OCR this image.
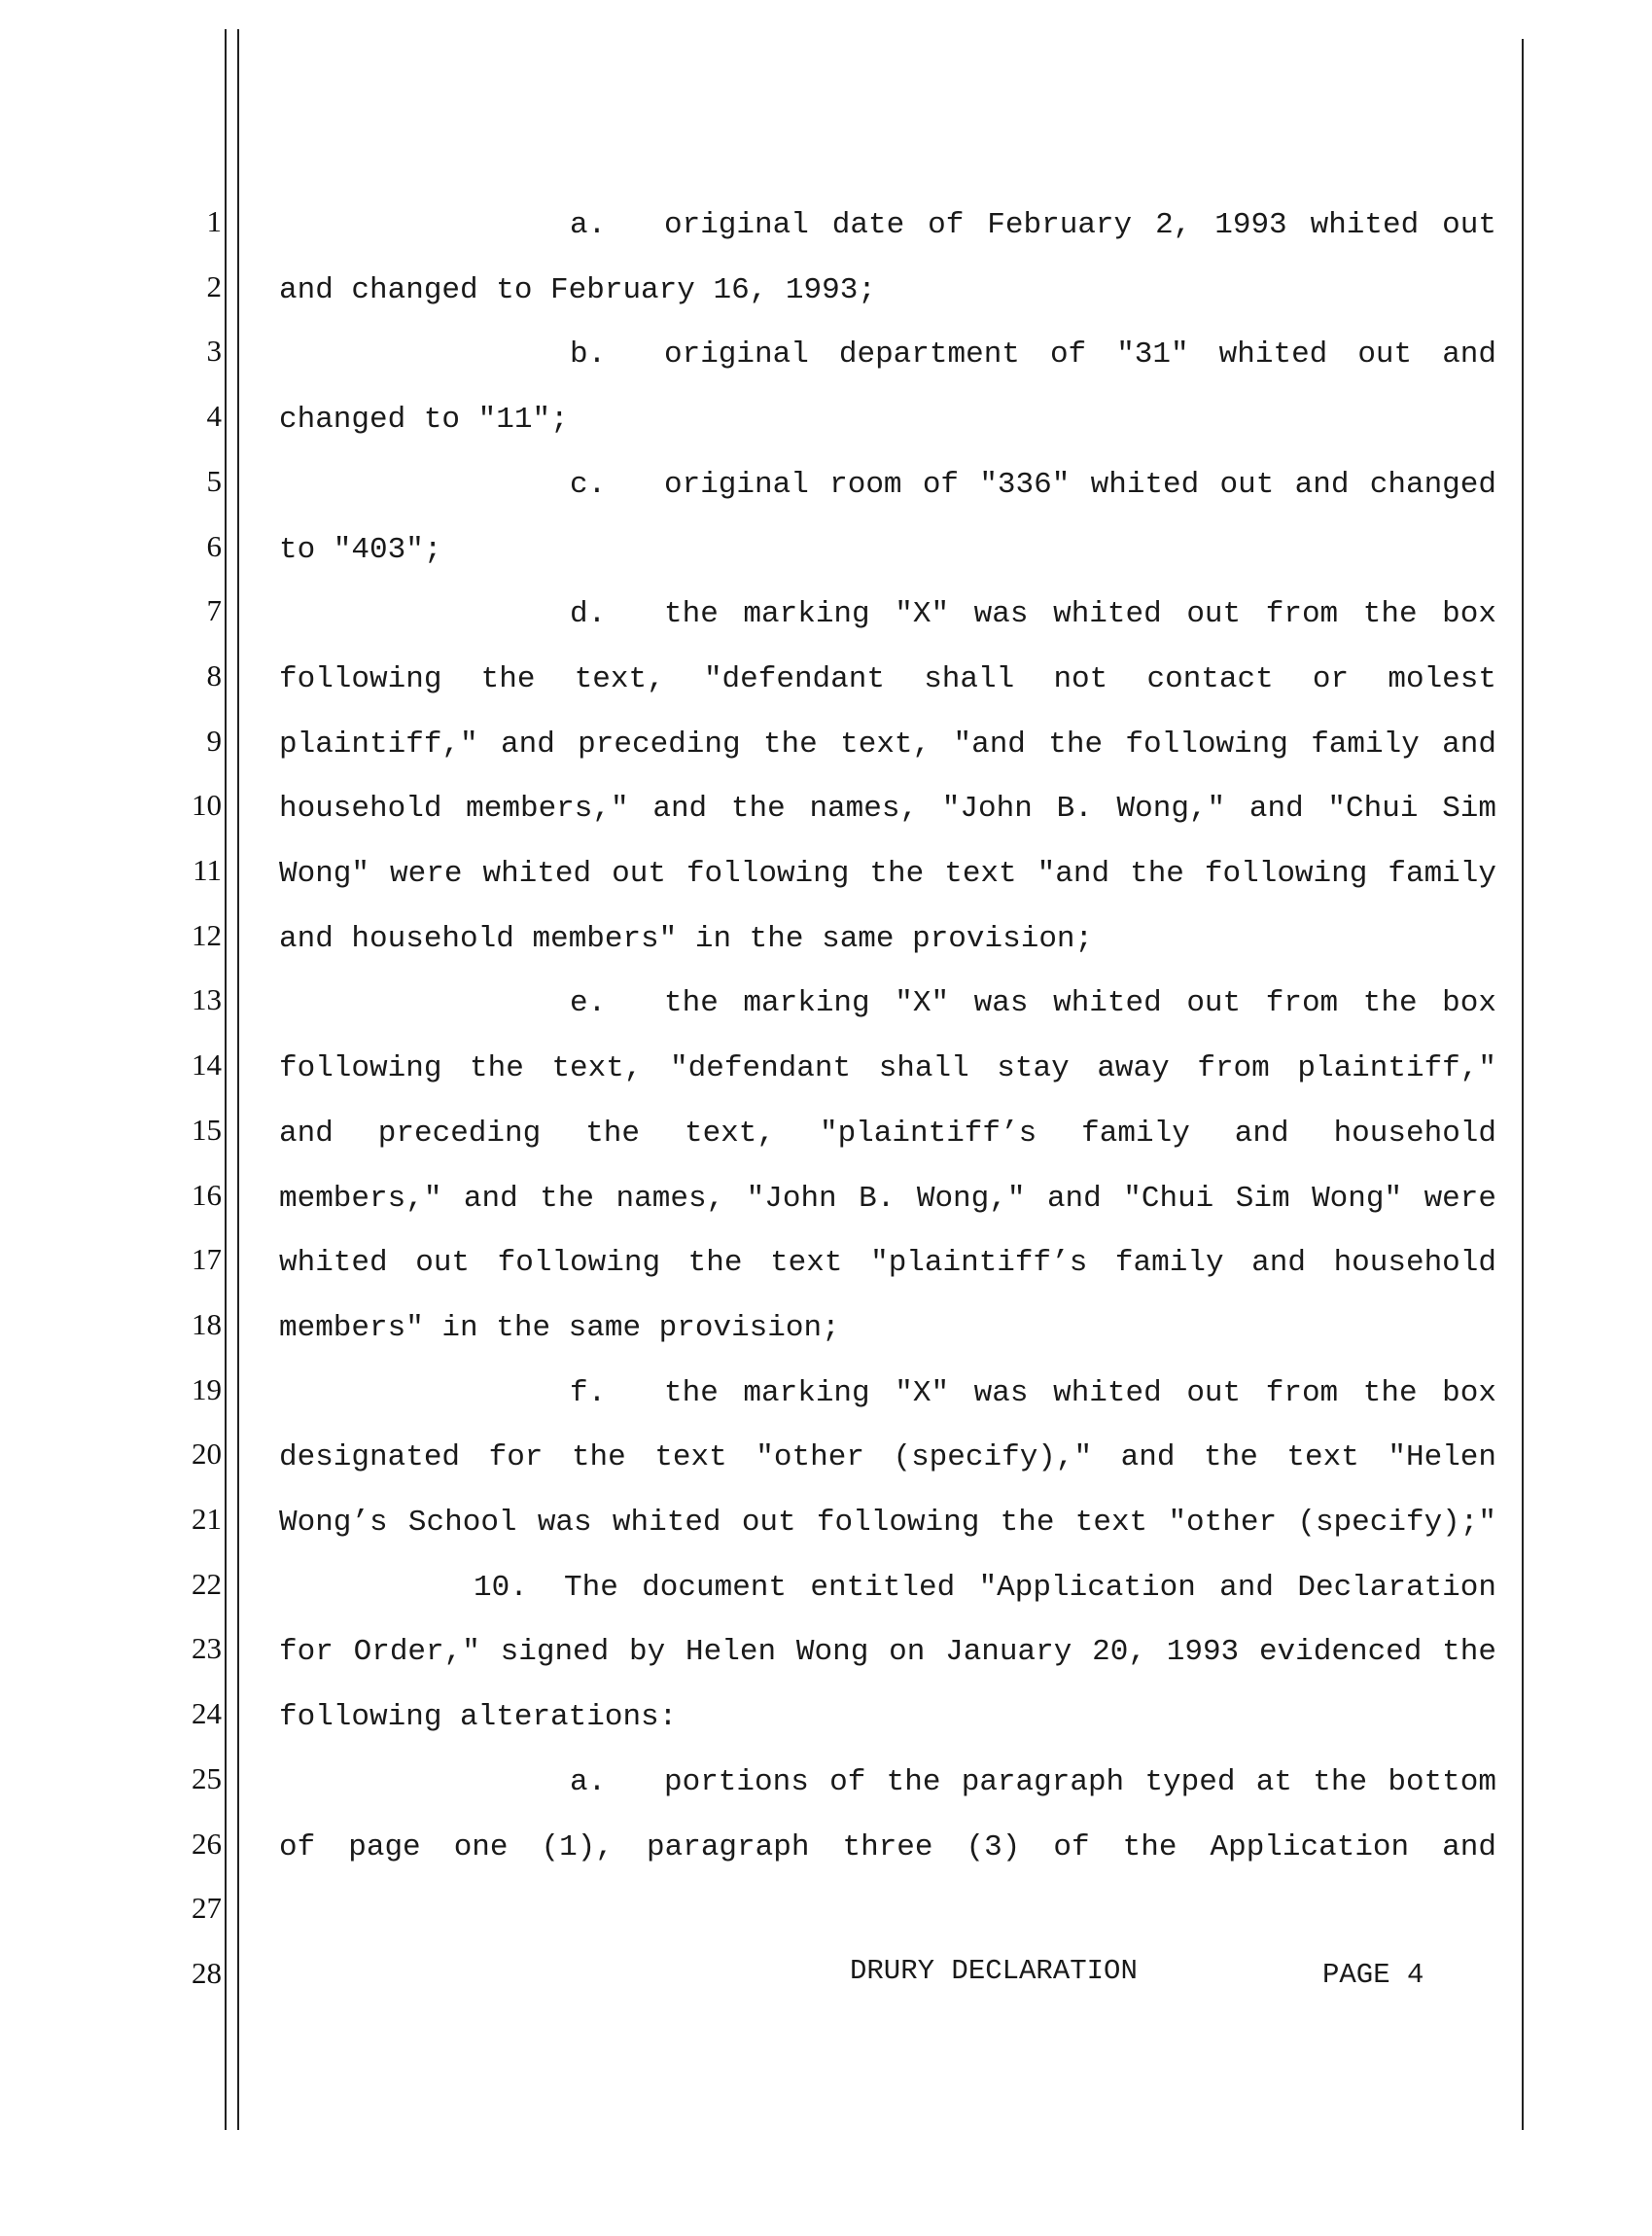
1	a. original date of February 2, 1993 whited out
2 and changed to February 16, 1993;
3	b. original department of "31" whited out and
4 changed to "11";
5	c. original room of "336" whited out and changed
6 to "403";
7	d. the marking "X" was whited out from the box
8 following the text, "defendant shall not contact or molest
9 plaintiff," and preceding the text, "and the following family and
10 household members," and the names, "John B. Wong," and "Chui Sim
11 Wong" were whited out following the text "and the following family
12 and household members" in the same provision;
13	e. the marking "X" was whited out from the box
14 following the text, "defendant shall stay away from plaintiff,"
15 and preceding the text, "plaintiff’s family and household
16 members," and the names, "John B. Wong," and "Chui Sim Wong" were
17 whited out following the text "plaintiff’s family and household
18 members" in the same provision;
19	f. the marking "X" was whited out from the box
20 designated for the text "other (specify)," and the text "Helen
21 Wong’s School was whited out following the text "other (specify);"
22	10. The document entitled "Application and Declaration
23 for Order," signed by Helen Wong on January 20, 1993 evidenced the
24 following alterations:
25	a. portions of the paragraph typed at the bottom
26 of page one (1), paragraph three (3) of the Application and
27
28	DRURY DECLARATION	PAGE 4
